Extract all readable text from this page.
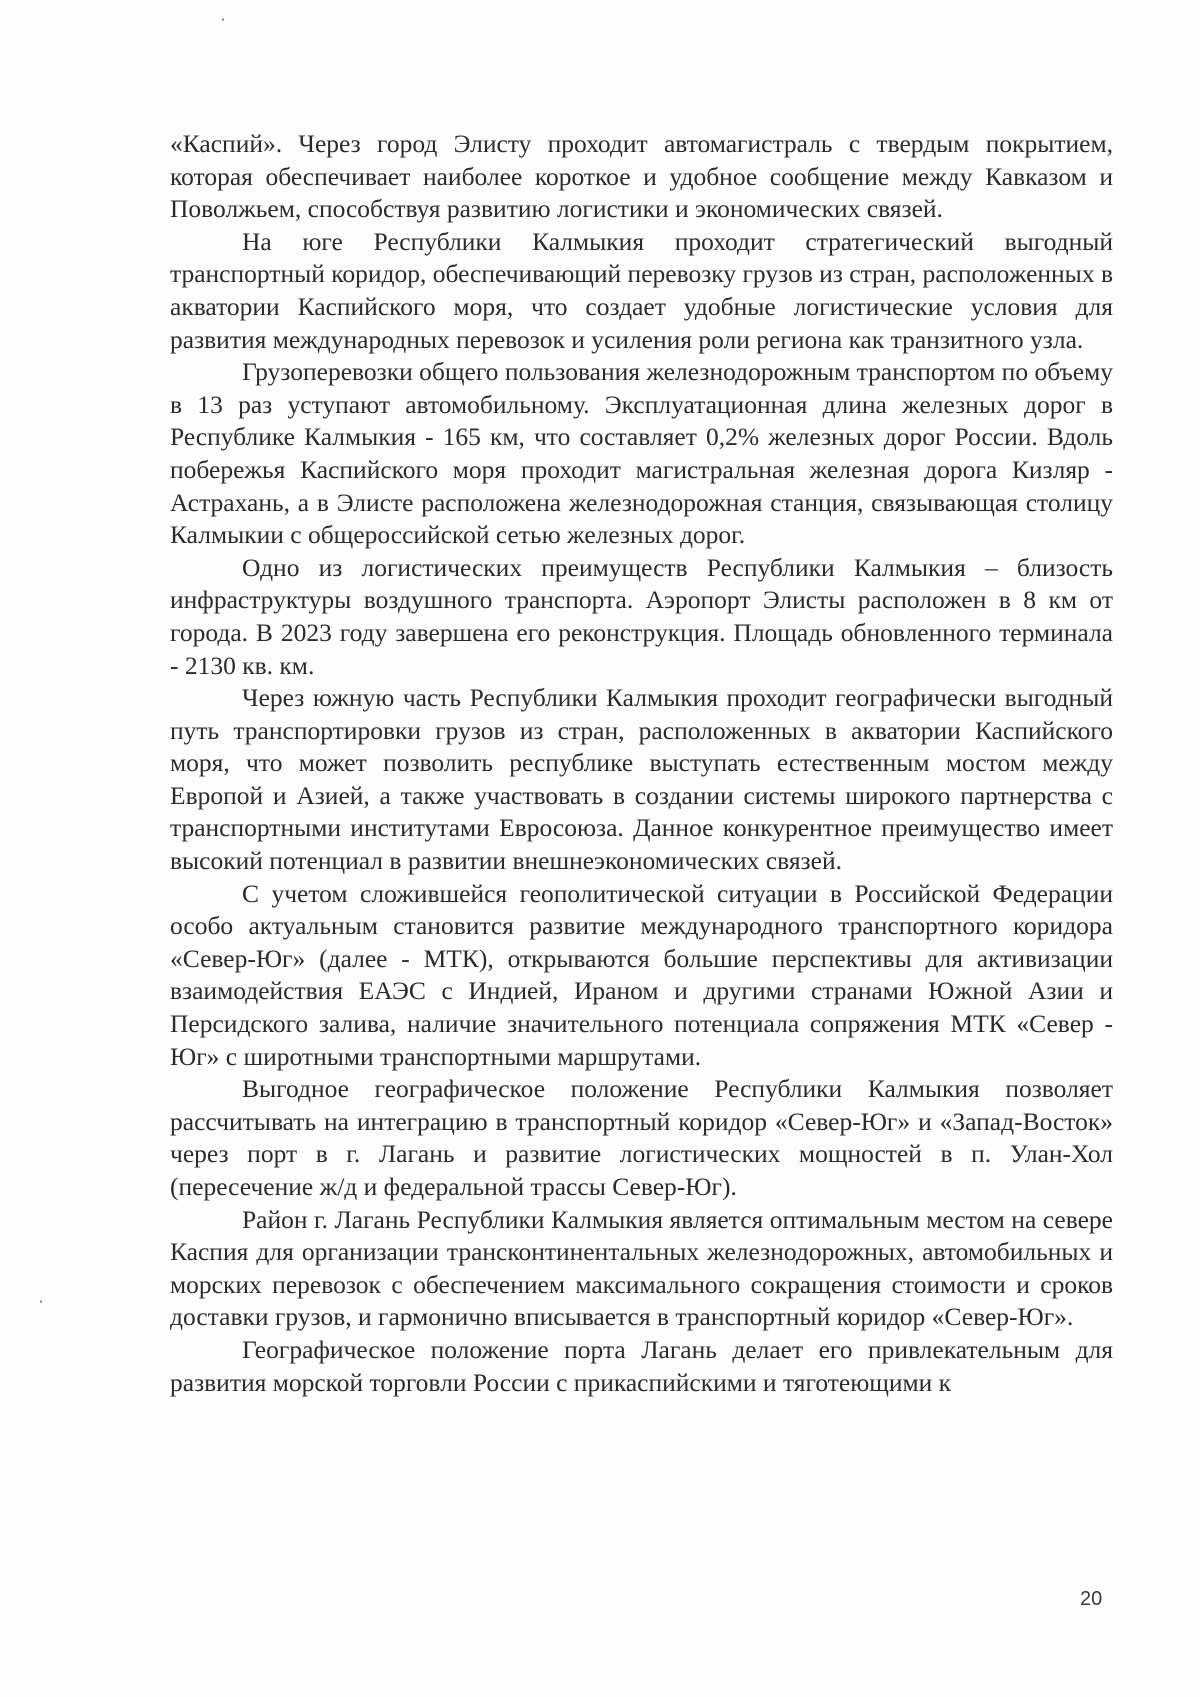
«Каспий». Через город Элисту проходит автомагистраль с твердым покрытием, которая обеспечивает наиболее короткое и удобное сообщение между Кавказом и Поволжьем, способствуя развитию логистики и экономических связей.

На юге Республики Калмыкия проходит стратегический выгодный транспортный коридор, обеспечивающий перевозку грузов из стран, расположенных в акватории Каспийского моря, что создает удобные логистические условия для развития международных перевозок и усиления роли региона как транзитного узла.

Грузоперевозки общего пользования железнодорожным транспортом по объему в 13 раз уступают автомобильному. Эксплуатационная длина железных дорог в Республике Калмыкия - 165 км, что составляет 0,2% железных дорог России. Вдоль побережья Каспийского моря проходит магистральная железная дорога Кизляр - Астрахань, а в Элисте расположена железнодорожная станция, связывающая столицу Калмыкии с общероссийской сетью железных дорог.

Одно из логистических преимуществ Республики Калмыкия – близость инфраструктуры воздушного транспорта. Аэропорт Элисты расположен в 8 км от города. В 2023 году завершена его реконструкция. Площадь обновленного терминала - 2130 кв. км.

Через южную часть Республики Калмыкия проходит географически выгодный путь транспортировки грузов из стран, расположенных в акватории Каспийского моря, что может позволить республике выступать естественным мостом между Европой и Азией, а также участвовать в создании системы широкого партнерства с транспортными институтами Евросоюза. Данное конкурентное преимущество имеет высокий потенциал в развитии внешнеэкономических связей.

С учетом сложившейся геополитической ситуации в Российской Федерации особо актуальным становится развитие международного транспортного коридора «Север-Юг» (далее - МТК), открываются большие перспективы для активизации взаимодействия ЕАЭС с Индией, Ираном и другими странами Южной Азии и Персидского залива, наличие значительного потенциала сопряжения МТК «Север - Юг» с широтными транспортными маршрутами.

Выгодное географическое положение Республики Калмыкия позволяет рассчитывать на интеграцию в транспортный коридор «Север-Юг» и «Запад-Восток» через порт в г. Лагань и развитие логистических мощностей в п. Улан-Хол (пересечение ж/д и федеральной трассы Север-Юг).

Район г. Лагань Республики Калмыкия является оптимальным местом на севере Каспия для организации трансконтинентальных железнодорожных, автомобильных и морских перевозок с обеспечением максимального сокращения стоимости и сроков доставки грузов, и гармонично вписывается в транспортный коридор «Север-Юг».

Географическое положение порта Лагань делает его привлекательным для развития морской торговли России с прикаспийскими и тяготеющими к

20
